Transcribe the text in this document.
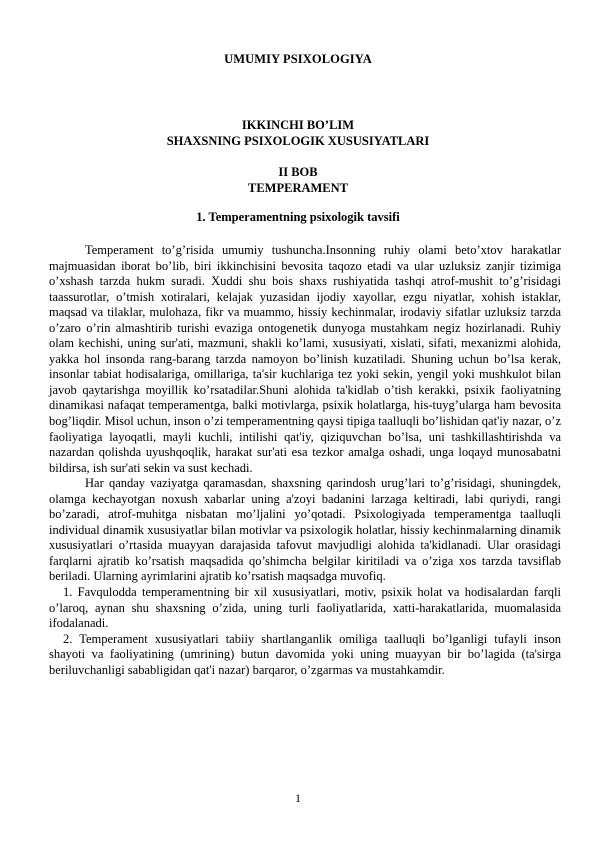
UMUMIY PSIXOLOGIYA
IKKINCHI BO’LIM
SHAXSNING PSIXOLOGIK XUSUSIYATLARI
II BOB
TEMPERAMENT
1. Temperamentning psixologik tavsifi

Temperament to’g’risida umumiy tushuncha.Insonning ruhiy olami beto’xtov harakatlar majmuasidan iborat bo’lib, biri ikkinchisini bevosita taqozo etadi va ular uzluksiz zanjir tizimiga o’xshash tarzda hukm suradi. Xuddi shu bois shaxs rushiyatida tashqi atrof-mushit to’g’risidagi taassurotlar, o’tmish xotiralari, kelajak yuzasidan ijodiy xayollar, ezgu niyatlar, xohish istaklar, maqsad va tilaklar, mulohaza, fikr va muammo, hissiy kechinmalar, irodaviy sifatlar uzluksiz tarzda o’zaro o’rin almashtirib turishi evaziga ontogenetik dunyoga mustahkam negiz hozirlanadi. Ruhiy olam kechishi, uning sur'ati, mazmuni, shakli ko’lami, xususiyati, xislati, sifati, mexanizmi alohida, yakka hol insonda rang-barang tarzda namoyon bo’linish kuzatiladi. Shuning uchun bo’lsa kerak, insonlar tabiat hodisalariga, omillariga, ta'sir kuchlariga tez yoki sekin, yengil yoki mushkulot bilan javob qaytarishga moyillik ko’rsatadilar.Shuni alohida ta'kidlab o’tish kerakki, psixik faoliyatning dinamikasi nafaqat temperamentga, balki motivlarga, psixik holatlarga, his-tuyg’ularga ham bevosita bog’liqdir. Misol uchun, inson o’zi temperamentning qaysi tipiga taalluqli bo’lishidan qat'iy nazar, o’z faoliyatiga layoqatli, mayli kuchli, intilishi qat'iy, qiziquvchan bo’lsa, uni tashkillashtirishda va nazardan qolishda uyushqoqlik, harakat sur'ati esa tezkor amalga oshadi, unga loqayd munosabatni bildirsa, ish sur'ati sekin va sust kechadi.

Har qanday vaziyatga qaramasdan, shaxsning qarindosh urug’lari to’g’risidagi, shuningdek, olamga kechayotgan noxush xabarlar uning a'zoyi badanini larzaga keltiradi, labi quriydi, rangi bo’zaradi, atrof-muhitga nisbatan mo’ljalini yo’qotadi. Psixologiyada temperamentga taalluqli individual dinamik xususiyatlar bilan motivlar va psixologik holatlar, hissiy kechinmalarning dinamik xususiyatlari o’rtasida muayyan darajasida tafovut mavjudligi alohida ta'kidlanadi. Ular orasidagi farqlarni ajratib ko’rsatish maqsadida qo’shimcha belgilar kiritiladi va o’ziga xos tarzda tavsiflab beriladi. Ularning ayrimlarini ajratib ko’rsatish maqsadga muvofiq.

1. Favqulodda temperamentning bir xil xususiyatlari, motiv, psixik holat va hodisalardan farqli o’laroq, aynan shu shaxsning o’zida, uning turli faoliyatlarida, xatti-harakatlarida, muomalasida ifodalanadi.

2. Temperament xususiyatlari tabiiy shartlanganlik omiliga taalluqli bo’lganligi tufayli inson shayoti va faoliyatining (umrining) butun davomida yoki uning muayyan bir bo’lagida (ta'sirga beriluvchanligi sababligidan qat'i nazar) barqaror, o’zgarmas va mustahkamdir.

1
